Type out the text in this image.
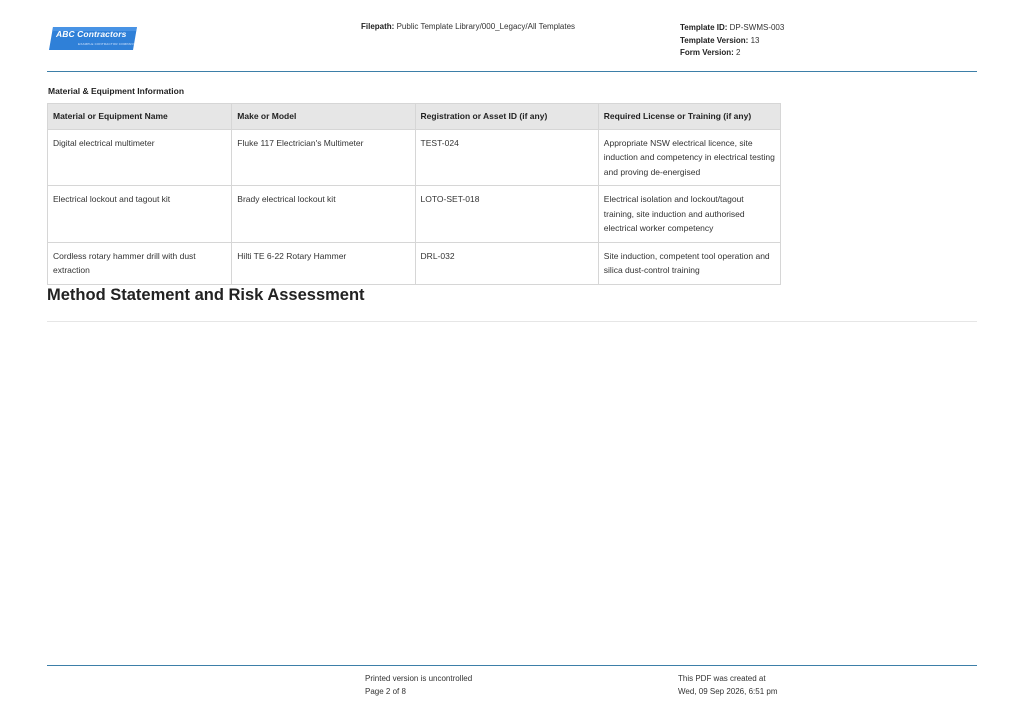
ABC Contractors
EXAMPLE CONTRACTOR COMPANY
Filepath: Public Template Library/000_Legacy/All Templates	Template ID: DP-SWMS-003
Template Version: 13
Form Version: 2
Material & Equipment Information
Material or Equipment Name	Make or Model	Registration or Asset ID (if any)	Required License or Training (if any)
Digital electrical multimeter	Fluke 117 Electrician's Multimeter	TEST-024	Appropriate NSW electrical licence, site induction and competency in electrical testing and proving de-energised
Electrical lockout and tagout kit	Brady electrical lockout kit	LOTO-SET-018	Electrical isolation and lockout/tagout training, site induction and authorised electrical worker competency
Cordless rotary hammer drill with dust extraction	Hilti TE 6-22 Rotary Hammer	DRL-032	Site induction, competent tool operation and silica dust-control training
Method Statement and Risk Assessment
Printed version is uncontrolled
Page 2 of 8
This PDF was created at
Wed, 09 Sep 2026, 6:51 pm
